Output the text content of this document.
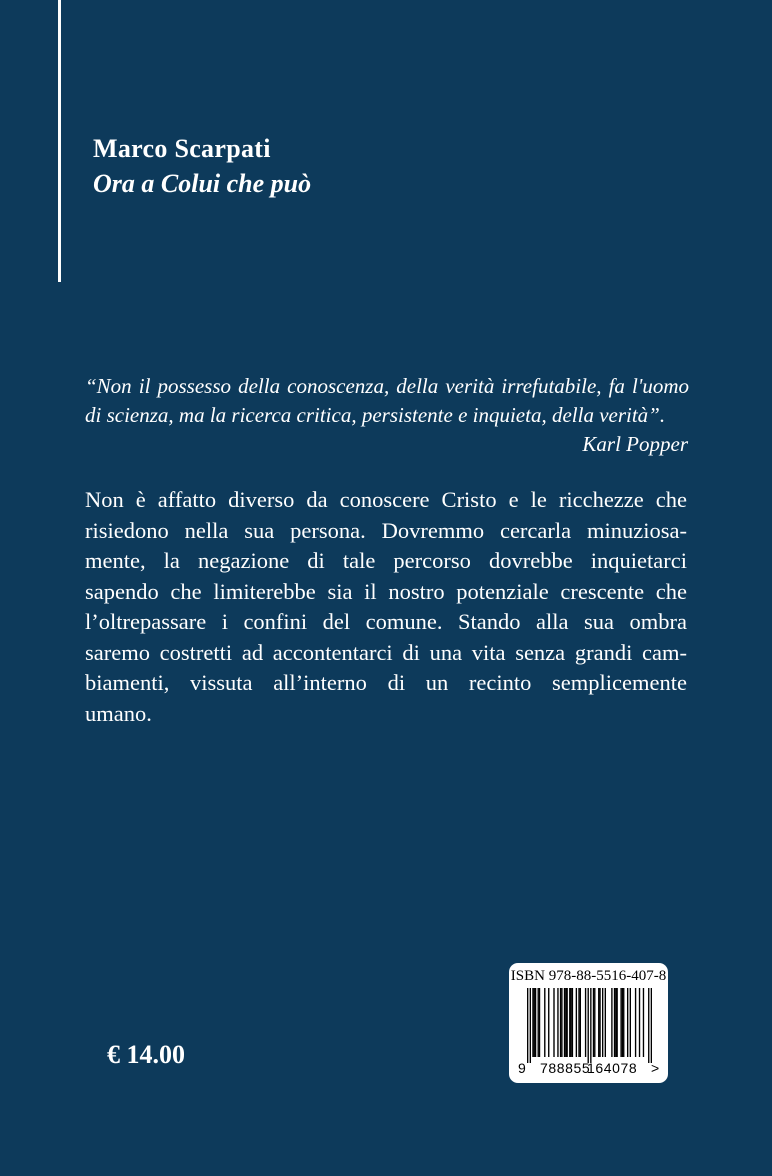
Marco Scarpati
Ora a Colui che può
“Non il possesso della conoscenza, della verità irrefutabile, fa l'uomo di scienza, ma la ricerca critica, persistente e inquieta, della verità”.
Karl Popper
Non è affatto diverso da conoscere Cristo e le ricchezze che
risiedono nella sua persona. Dovremmo cercarla minuziosa-
mente, la negazione di tale percorso dovrebbe inquietarci
sapendo che limiterebbe sia il nostro potenziale crescente che
l’oltrepassare i confini del comune. Stando alla sua ombra
saremo costretti ad accontentarci di una vita senza grandi cam-
biamenti, vissuta all’interno di un recinto semplicemente
umano.
€ 14.00
ISBN 978-88-5516-407-8
9 788855
164078 >
